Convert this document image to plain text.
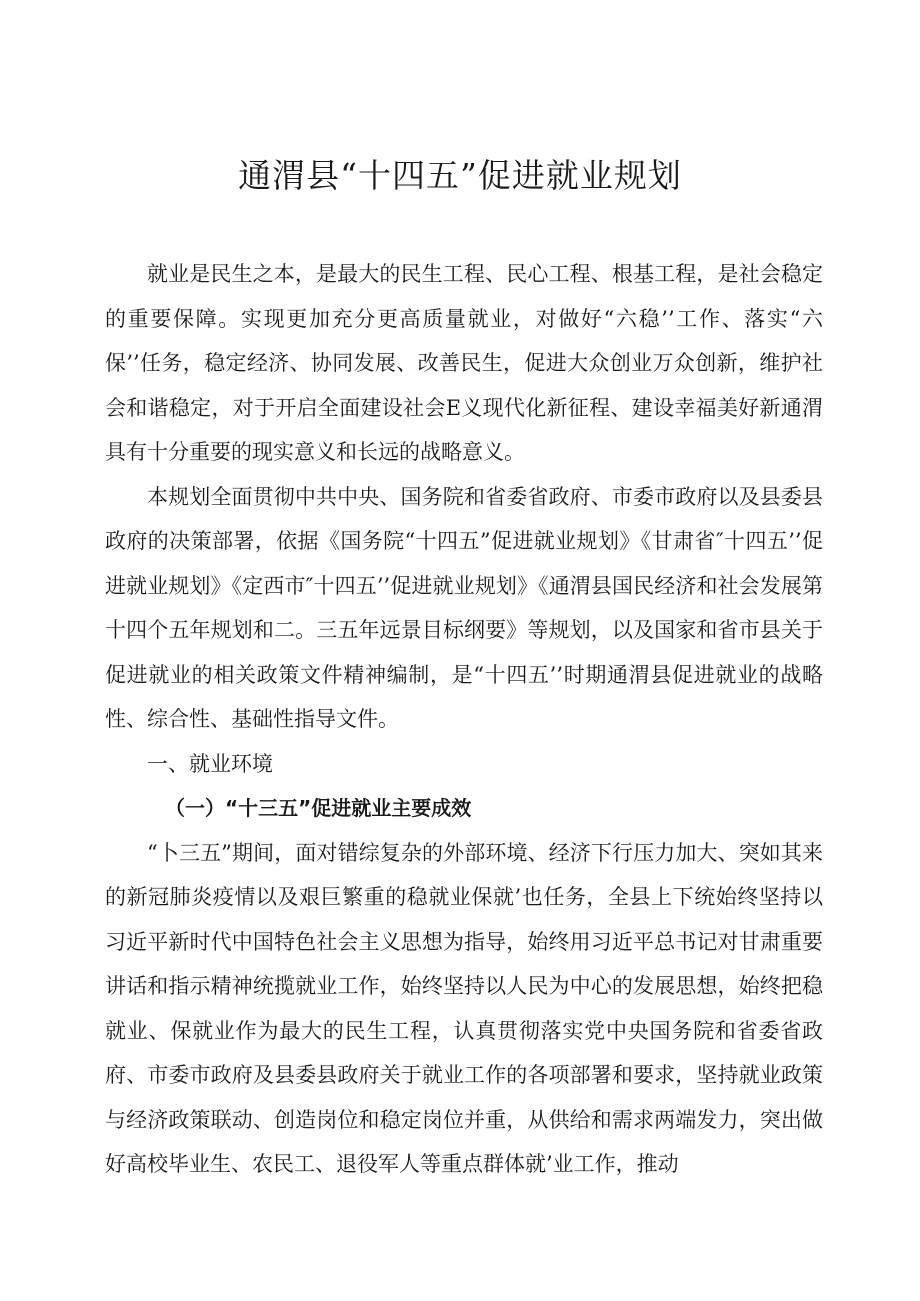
通渭县“十四五”促进就业规划

就业是民生之本，是最大的民生工程、民心工程、根基工程，是社会稳定的重要保障。实现更加充分更高质量就业，对做好“六稳’’工作、落实“六保’’任务，稳定经济、协同发展、改善民生，促进大众创业万众创新，维护社会和谐稳定，对于开启全面建设社会E义现代化新征程、建设幸福美好新通渭具有十分重要的现实意义和长远的战略意义。

本规划全面贯彻中共中央、国务院和省委省政府、市委市政府以及县委县政府的决策部署，依据《国务院“十四五”促进就业规划》《甘肃省″十四五’’促进就业规划》《定西市″十四五’’促进就业规划》《通渭县国民经济和社会发展第十四个五年规划和二。三五年远景目标纲要》等规划，以及国家和省市县关于促进就业的相关政策文件精神编制，是“十四五’’时期通渭县促进就业的战略性、综合性、基础性指导文件。

一、就业环境

（一）“十三五”促进就业主要成效

“卜三五”期间，面对错综复杂的外部环境、经济下行压力加大、突如其来的新冠肺炎疫情以及艰巨繁重的稳就业保就’也任务，全县上下统始终坚持以习近平新时代中国特色社会主义思想为指导，始终用习近平总书记对甘肃重要讲话和指示精神统揽就业工作，始终坚持以人民为中心的发展思想，始终把稳就业、保就业作为最大的民生工程，认真贯彻落实党中央国务院和省委省政府、市委市政府及县委县政府关于就业工作的各项部署和要求，坚持就业政策与经济政策联动、创造岗位和稳定岗位并重，从供给和需求两端发力，突出做好高校毕业生、农民工、退役军人等重点群体就’业工作，推动
